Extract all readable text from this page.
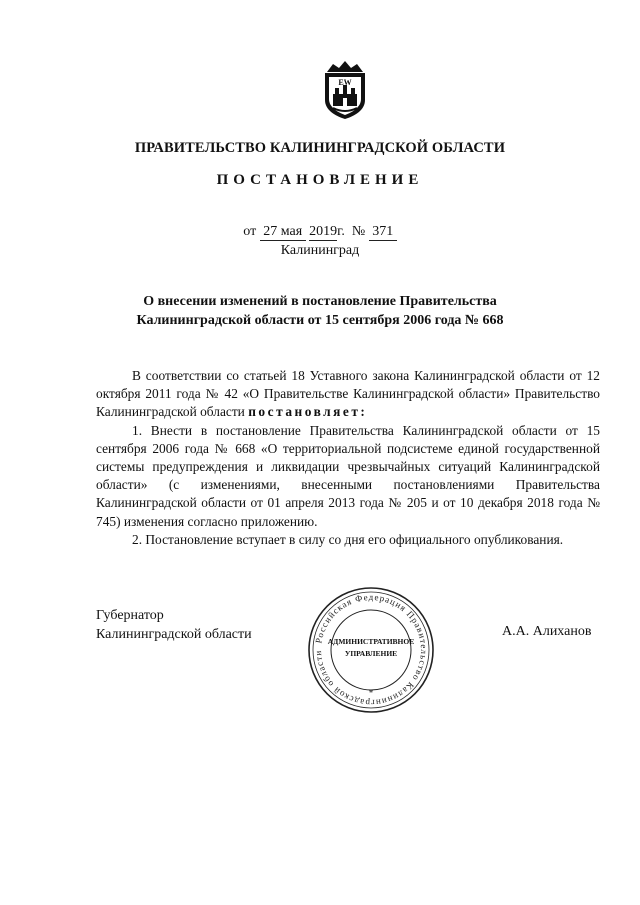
EW
ПРАВИТЕЛЬСТВО КАЛИНИНГРАДСКОЙ ОБЛАСТИ
ПОСТАНОВЛЕНИЕ
от 27 мая 2019г. № 371
Калининград
О внесении изменений в постановление Правительства
Калининградской области от 15 сентября 2006 года № 668

В соответствии со статьей 18 Уставного закона Калининградской области от 12 октября 2011 года № 42 «О Правительстве Калининградской области» Правительство Калининградской области постановляет:

1. Внести в постановление Правительства Калининградской области от 15 сентября 2006 года № 668 «О территориальной подсистеме единой государственной системы предупреждения и ликвидации чрезвычайных ситуаций Калининградской области» (с изменениями, внесенными постановлениями Правительства Калининградской области от 01 апреля 2013 года № 205 и от 10 декабря 2018 года № 745) изменения согласно приложению.

2. Постановление вступает в силу со дня его официального опубликования.

Губернатор
Калининградской области	А.А. Алиханов
Российская Федерация Правительство Калининградской области
АДМИНИСТРАТИВНОЕ
УПРАВЛЕНИЕ
*
